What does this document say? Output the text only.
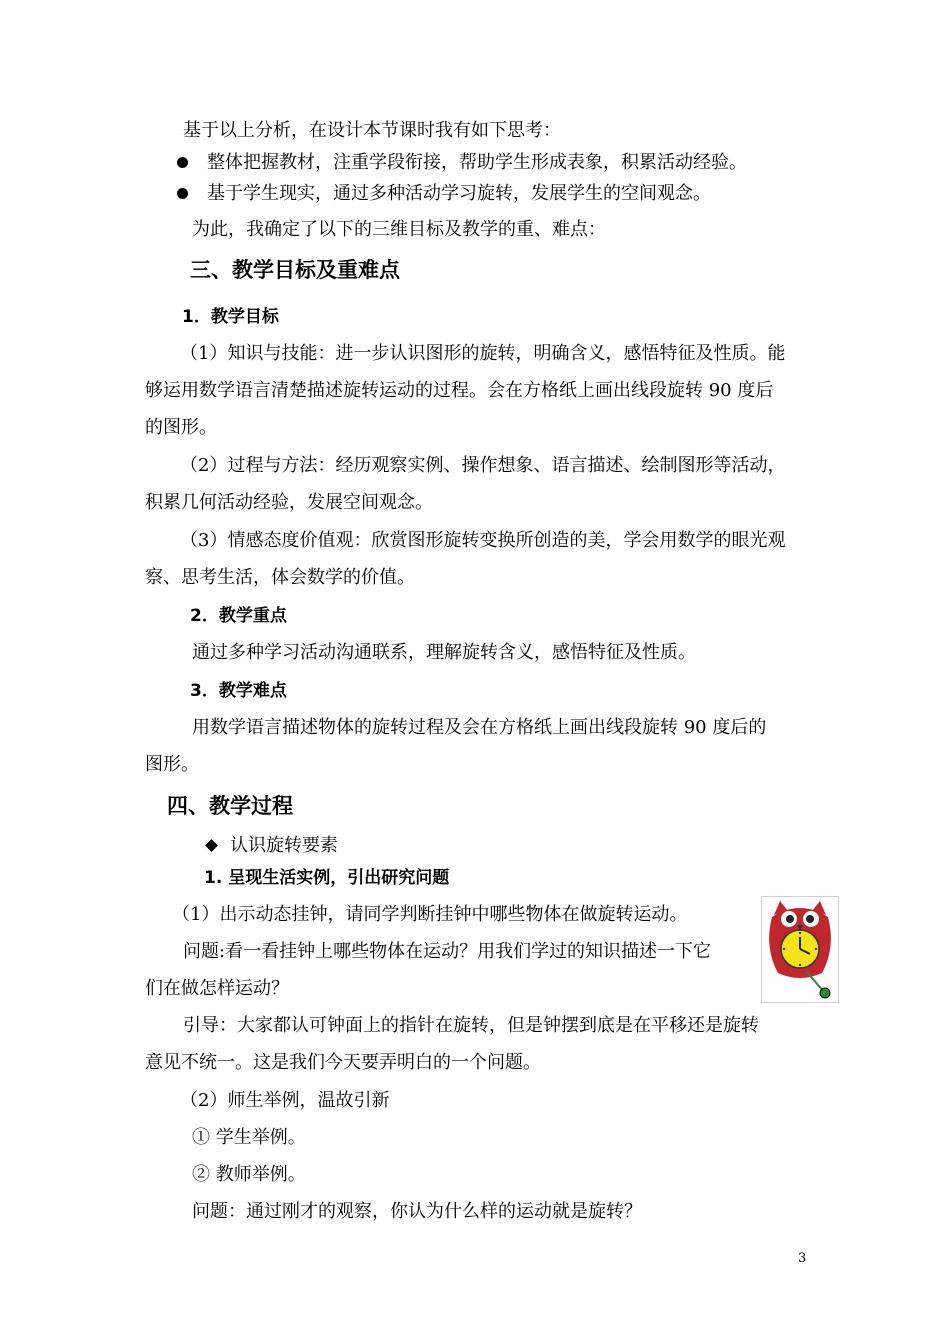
基于以上分析，在设计本节课时我有如下思考：
整体把握教材，注重学段衔接，帮助学生形成表象，积累活动经验。
基于学生现实，通过多种活动学习旋转，发展学生的空间观念。
为此，我确定了以下的三维目标及教学的重、难点：
三、教学目标及重难点
1．教学目标
（1）知识与技能：进一步认识图形的旋转，明确含义，感悟特征及性质。能
够运用数学语言清楚描述旋转运动的过程。会在方格纸上画出线段旋转 90 度后
的图形。
（2）过程与方法：经历观察实例、操作想象、语言描述、绘制图形等活动，
积累几何活动经验，发展空间观念。
（3）情感态度价值观：欣赏图形旋转变换所创造的美，学会用数学的眼光观
察、思考生活，体会数学的价值。
2．教学重点
通过多种学习活动沟通联系，理解旋转含义，感悟特征及性质。
3．教学难点
用数学语言描述物体的旋转过程及会在方格纸上画出线段旋转 90 度后的
图形。
四、教学过程
认识旋转要素
1. 呈现生活实例，引出研究问题
（1）出示动态挂钟，请同学判断挂钟中哪些物体在做旋转运动。
问题:看一看挂钟上哪些物体在运动？用我们学过的知识描述一下它
们在做怎样运动？
引导：大家都认可钟面上的指针在旋转，但是钟摆到底是在平移还是旋转
意见不统一。这是我们今天要弄明白的一个问题。
（2）师生举例，温故引新
① 学生举例。
② 教师举例。
问题：通过刚才的观察，你认为什么样的运动就是旋转？
3
